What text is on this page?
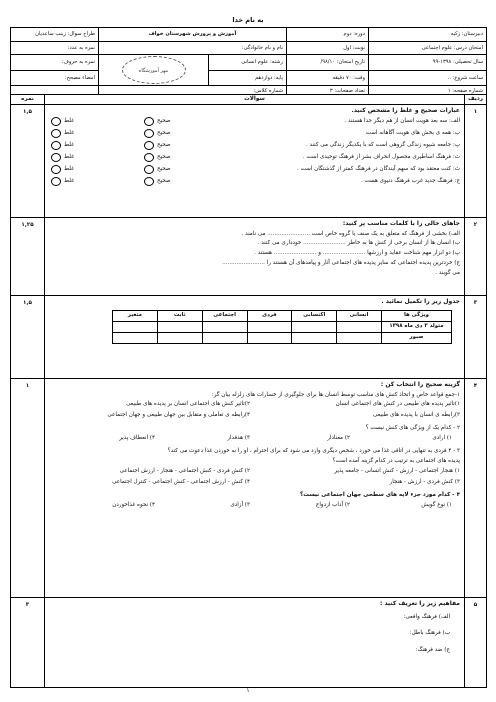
به نام خدا
دبیرستان: زکیه	دوره: دوم	آموزش و پرورش شهرستان خواف		طراح سوال: زینب ساعدیان
امتحان درس: علوم اجتماعی	نوبت: اول	نام و نام خانوادگی:		نمره به عدد:
سال تحصیلی: ۱۳۹۸-۹۹	تاریخ امتحان: ۹۸/۱۰/	رشته: علوم انسانی	مهر آموزشگاه	نمره به حروف:
ساعت شروع: ..	وقت: ۷۰ دقیقه	پایه: دوازدهم		امضاء مصحح:
شماره صفحه: ۱	تعداد صفحات: ۳	شماره کلاس:		
ردیف	سوالات	نمره
۱	
عبارات صحیح و غلط را مشخص کنید.
الف: سه بعد هویت انسان از هم دیگر جدا هستند .
صحیح
غلط
ب: همه ی بخش های هویت آگاهانه است
صحیح
غلط
پ: جامعه شیوه زندگی گروهی است که با یکدیگر زندگی می کنند .
صحیح
غلط
ث: فرهنگ اساطیری محصول انحراف بشر از فرهنگ توحیدی است .
صحیح
غلط
ث: کنت معتقد بود که سهم آیندگان در فرهنگ کمتر از گذشتگان است .
صحیح
غلط
ج: فرهنگ جدید غرب فرهنگ دنیوی هست .
صحیح
غلط
	۱,۵
۲	
جاهای خالی را با کلمات مناسب پر کنید:
الف) بخشی از فرهنگ که متعلق به یک صنف یا گروه خاص است ........................ می نامند .
ب) انسان ها از انسان برخی از کنش ها به خاطر ........................ خودداری می کنند .
پ) دو ابزار مهم شناخت عقاید و ارزشها ........................ و ........................ هستند .
ج) خردترین پدیده اجتماعی که سایر پدیده های اجتماعی آثار و پیامدهای آن هستند را ........................
می گویند .
	۱,۲۵
۳	
جدول زیر را تکمیل نمائید .
ویژگی ها	انسانی	اکتسابی	فردی	اجتماعی	ثابت	متغیر
متولد ۳ دی ماه ۱۳۹۸						
صبور						
	۱,۵
۴	
گزینه صحیح را انتخاب کن :
۱-جمع قواعد خاص و اتخاذ کنش های مناسب توسط انسان ها برای جلوگیری از خسارات های زلزله بیان گر:
۱)تاثیر پدیده های طبیعی در کنش های اجتماعی انسان
۲)تاثیر کنش های اجتماعی انسان بر پدیده های طبیعی
۳)رابطه ی انسان با پدیده های طبیعی
۴)رابطه ی تعاملی و متقابل بین جهان طبیعی و جهان اجتماعی
۲ - کدام یک از ویژگی های کنش نیست ؟
۱) ارادی
۲) معنادار
۳) هدفدار
۴) انعطاف پذیر
۳ - ۴ فردی به تنهایی در اتاقی غذا می خورد ، شخص دیگری وارد می شود که برای احترام ، او را به خوردن غذا دعوت می کند؟
پدیده های اجتماعی به ترتیب در کدام گزینه آمده است؟
۱) هنجار اجتماعی - ارزش - کنش انسانی - جامعه پذیر
۲) کنش فردی - کنش اجتماعی - هنجار - ارزش اجتماعی
۳) کنش فردی - ارزش - هنجار
۴) کنش - ارزش اجتماعی - کنش اجتماعی - کنترل اجتماعی
۴ - کدام مورد جزء لایه های سطحی جهان اجتماعی نیست؟
۱) نوع گویش
۲) آداب ازدواج
۳) آزادی
۴) نحوه غذاخوردن
	۱
۵	
مفاهیم زیر را تعریف کنید :
الف) فرهنگ واقعی:
ب) فرهنگ باطل:
ج) ضد فرهنگ:
	۳
۱
